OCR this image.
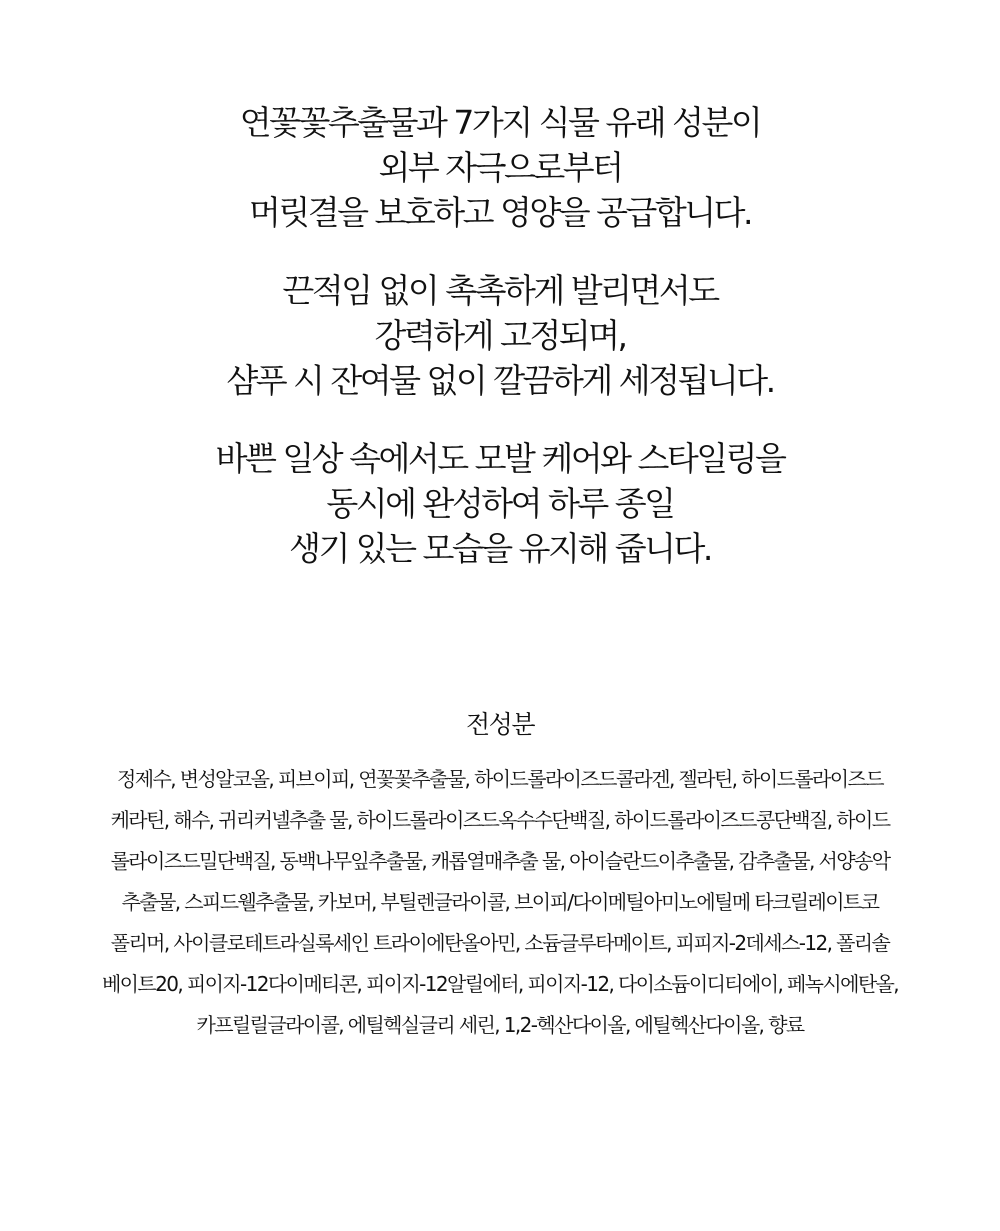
연꽃꽃추출물과 7가지 식물 유래 성분이
외부 자극으로부터
머릿결을 보호하고 영양을 공급합니다.
끈적임 없이 촉촉하게 발리면서도
강력하게 고정되며,
샴푸 시 잔여물 없이 깔끔하게 세정됩니다.
바쁜 일상 속에서도 모발 케어와 스타일링을
동시에 완성하여 하루 종일
생기 있는 모습을 유지해 줍니다.
전성분
정제수, 변성알코올, 피브이피, 연꽃꽃추출물, 하이드롤라이즈드콜라겐, 젤라틴, 하이드롤라이즈드
케라틴, 해수, 귀리커넬추출 물, 하이드롤라이즈드옥수수단백질, 하이드롤라이즈드콩단백질, 하이드
롤라이즈드밀단백질, 동백나무잎추출물, 캐롭열매추출 물, 아이슬란드이추출물, 감추출물, 서양송악
추출물, 스피드웰추출물, 카보머, 부틸렌글라이콜, 브이피/다이메틸아미노에틸메 타크릴레이트코
폴리머, 사이클로테트라실록세인 트라이에탄올아민, 소듐글루타메이트, 피피지-2데세스-12, 폴리솔
베이트20, 피이지-12다이메티콘, 피이지-12알릴에터, 피이지-12, 다이소듐이디티에이, 페녹시에탄올,
카프릴릴글라이콜, 에틸헥실글리 세린, 1,2-헥산다이올, 에틸헥산다이올, 향료
